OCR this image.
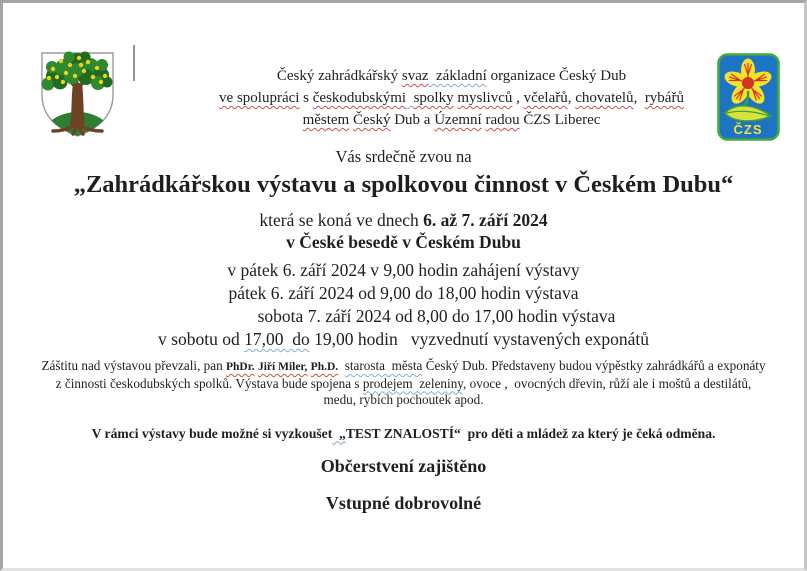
ČZS
Český zahrádkářský svaz  základní organizace Český Dub
ve spolupráci s českodubskými spolky myslivců , včelařů, chovatelů,  rybářů
městem Český Dub a Územní radou ČZS Liberec
Vás srdečně zvou na
„Zahrádkářskou výstavu a spolkovou činnost v Českém Dubu“
která se koná ve dnech 6. až 7. září 2024
v České besedě v Českém Dubu
v pátek 6. září 2024 v 9,00 hodin zahájení výstavy
pátek 6. září 2024 od 9,00 do 18,00 hodin výstava
sobota 7. září 2024 od 8,00 do 17,00 hodin výstava
v sobotu od 17,00  do 19,00 hodin   vyzvednutí vystavených exponátů
Záštitu nad výstavou převzali, pan PhDr. Jiří Miler, Ph.D. starosta  města Český Dub. Představeny budou výpěstky zahrádkářů a exponáty
z činnosti českodubských spolků. Výstava bude spojena s prodejem  zeleniny, ovoce ,  ovocných dřevin, růží ale i moštů a destilátů,
medu, rybích pochoutek apod.
V rámci výstavy bude možné si vyzkoušet  „TEST ZNALOSTÍ“  pro děti a mládež za který je čeká odměna.
Občerstvení zajištěno
Vstupné dobrovolné
